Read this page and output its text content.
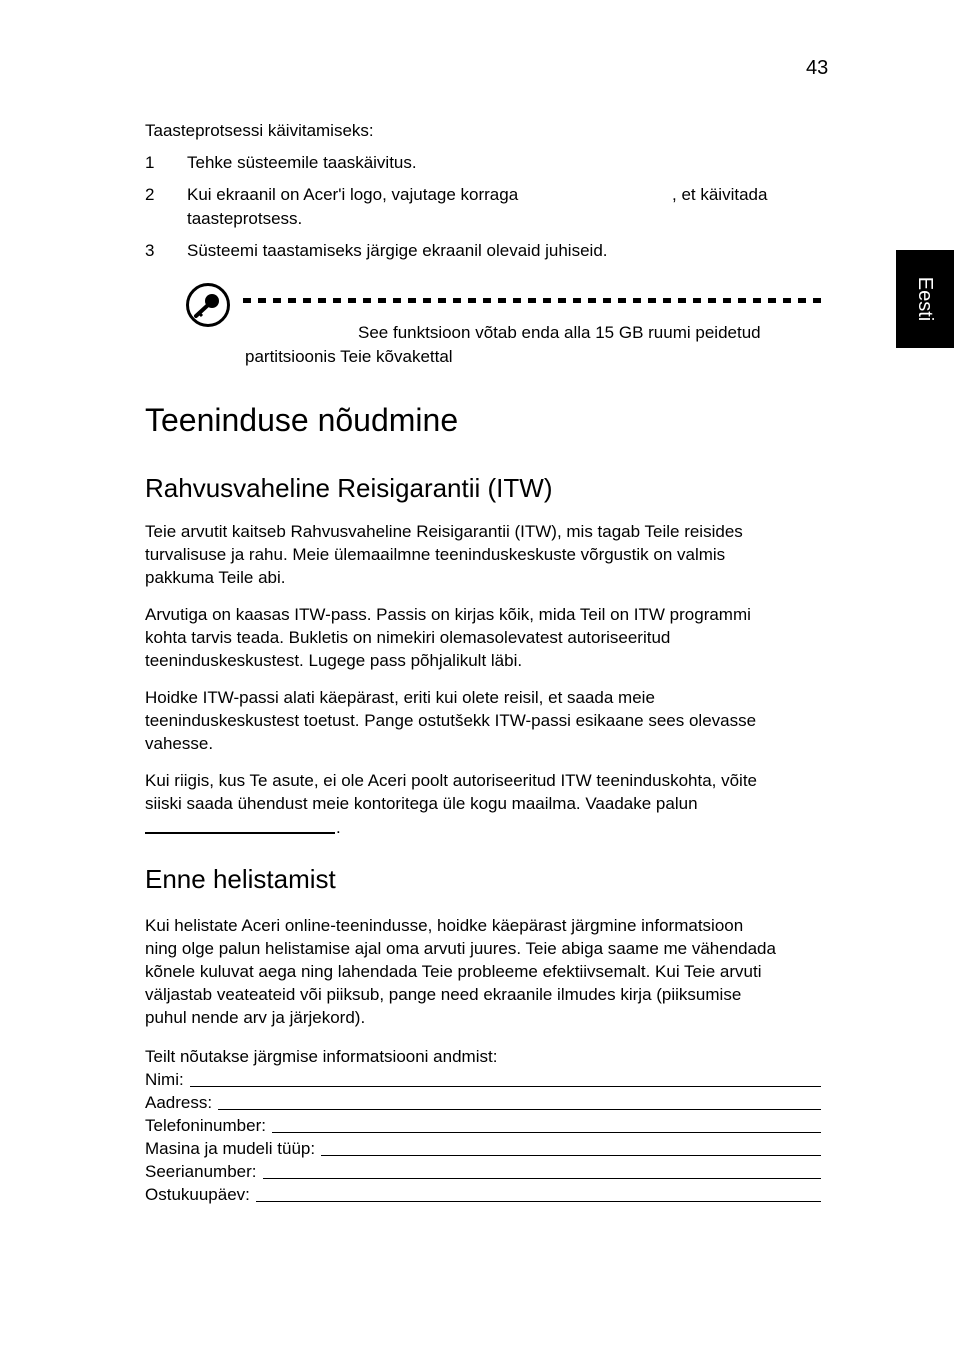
43
Eesti
Taasteprotsessi käivitamiseks:
1 Tehke süsteemile taaskäivitus.
2 Kui ekraanil on Acer'i logo, vajutage korraga	, et käivitada
taasteprotsess.
3 Süsteemi taastamiseks järgige ekraanil olevaid juhiseid.
See funktsioon võtab enda alla 15 GB ruumi peidetud
partitsioonis Teie kõvakettal
Teeninduse nõudmine
Rahvusvaheline Reisigarantii (ITW)
Teie arvutit kaitseb Rahvusvaheline Reisigarantii (ITW), mis tagab Teile reisides
turvalisuse ja rahu. Meie ülemaailmne teeninduskeskuste võrgustik on valmis
pakkuma Teile abi.
Arvutiga on kaasas ITW-pass. Passis on kirjas kõik, mida Teil on ITW programmi
kohta tarvis teada. Bukletis on nimekiri olemasolevatest autoriseeritud
teeninduskeskustest. Lugege pass põhjalikult läbi.
Hoidke ITW-passi alati käepärast, eriti kui olete reisil, et saada meie
teeninduskeskustest toetust. Pange ostutšekk ITW-passi esikaane sees olevasse
vahesse.
Kui riigis, kus Te asute, ei ole Aceri poolt autoriseeritud ITW teeninduskohta, võite
siiski saada ühendust meie kontoritega üle kogu maailma. Vaadake palun
.
Enne helistamist
Kui helistate Aceri online-teenindusse, hoidke käepärast järgmine informatsioon
ning olge palun helistamise ajal oma arvuti juures. Teie abiga saame me vähendada
kõnele kuluvat aega ning lahendada Teie probleeme efektiivsemalt. Kui Teie arvuti
väljastab veateateid või piiksub, pange need ekraanile ilmudes kirja (piiksumise
puhul nende arv ja järjekord).
Teilt nõutakse järgmise informatsiooni andmist:
Nimi:
Aadress:
Telefoninumber:
Masina ja mudeli tüüp:
Seerianumber:
Ostukuupäev:
